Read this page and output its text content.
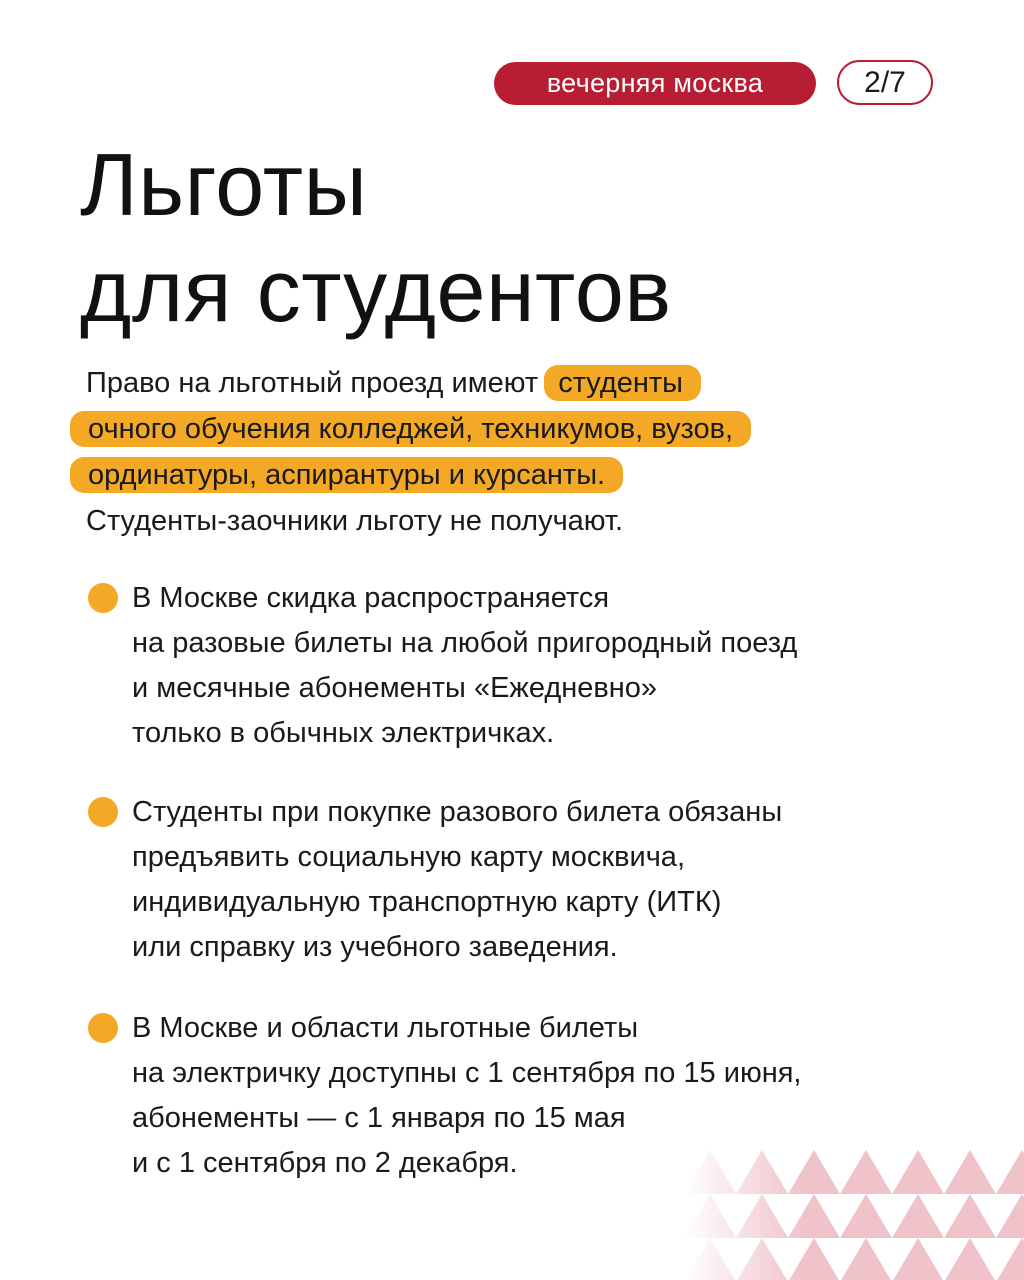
вечерняя москва	2/7
Льготы
для студентов
Право на льготный проезд имеют студенты
очного обучения колледжей, техникумов, вузов,
ординатуры, аспирантуры и курсанты.
Студенты-заочники льготу не получают.
В Москве скидка распространяется
на разовые билеты на любой пригородный поезд
и месячные абонементы «Ежедневно»
только в обычных электричках.
Студенты при покупке разового билета обязаны
предъявить социальную карту москвича,
индивидуальную транспортную карту (ИТК)
или справку из учебного заведения.
В Москве и области льготные билеты
на электричку доступны с 1 сентября по 15 июня,
абонементы — с 1 января по 15 мая
и с 1 сентября по 2 декабря.
